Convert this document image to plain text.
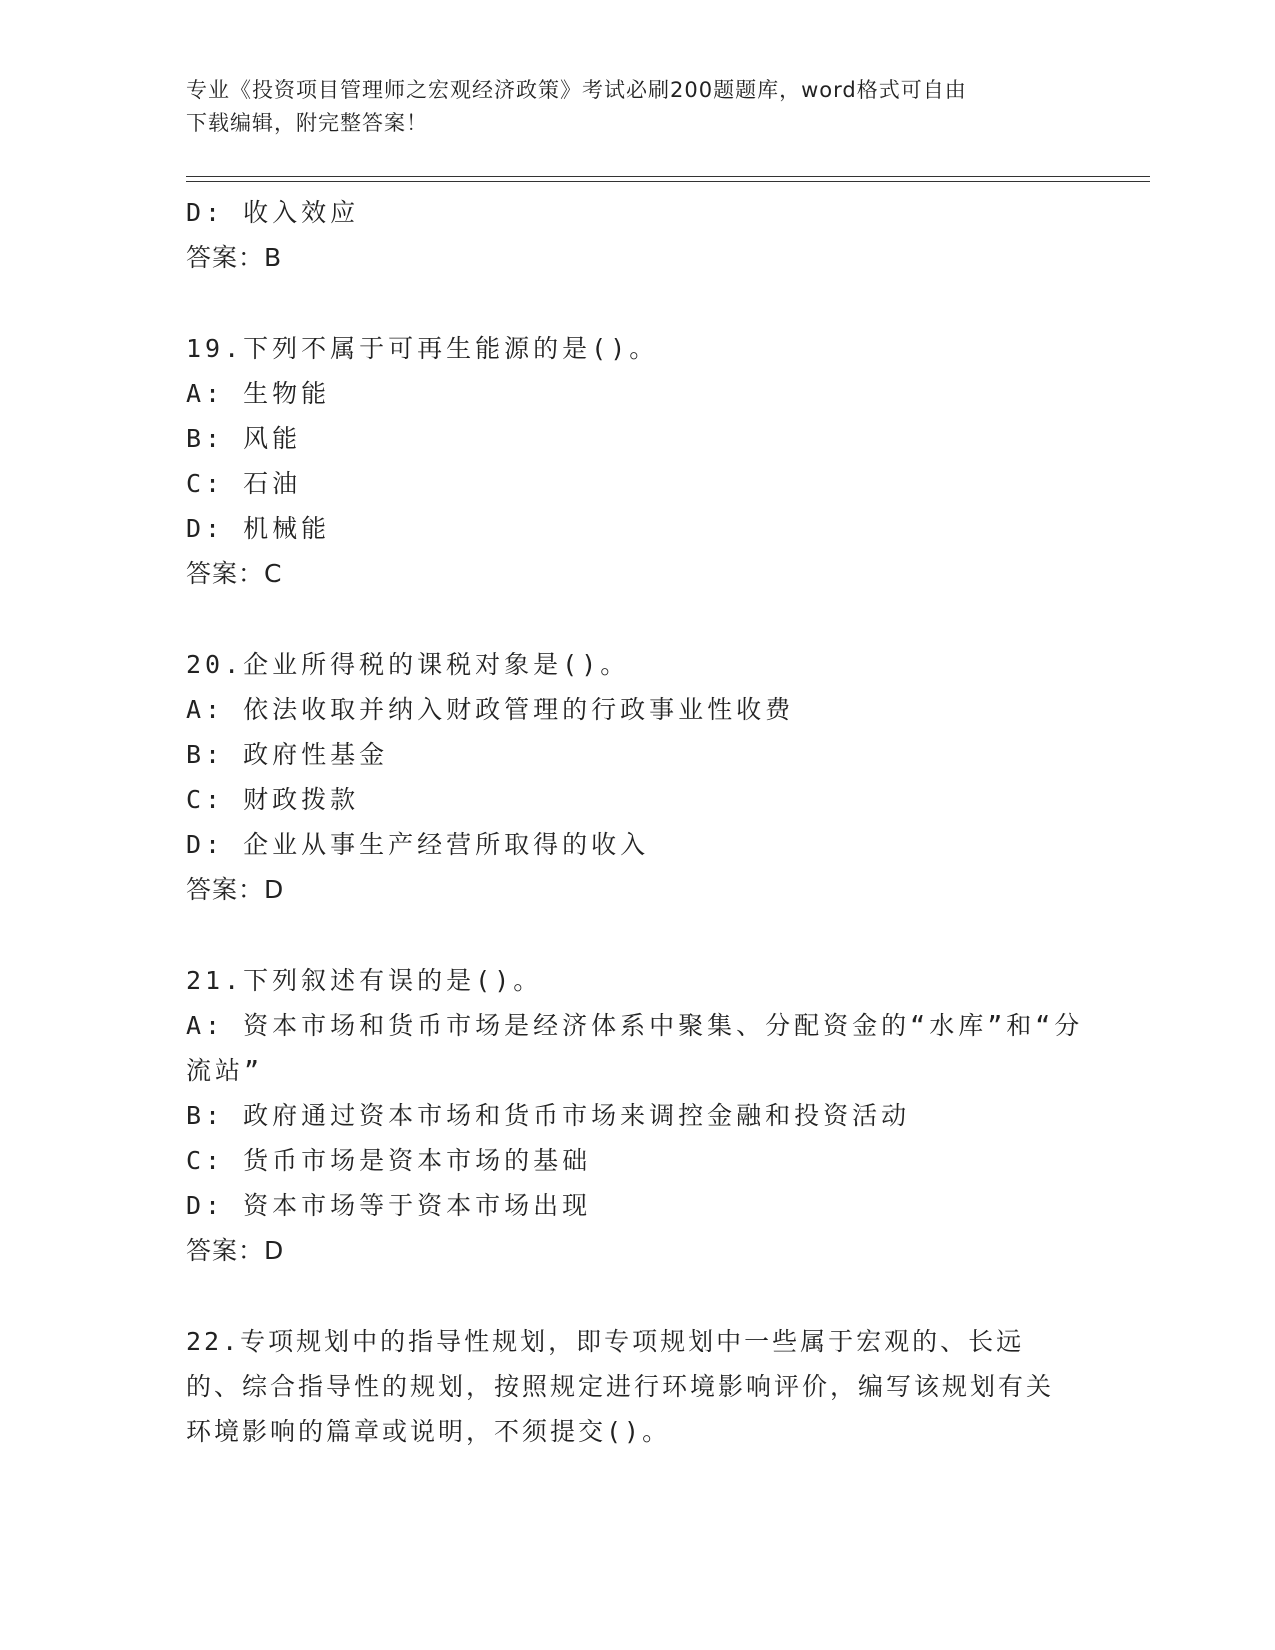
专业《投资项目管理师之宏观经济政策》考试必刷200题题库，word格式可自由
下载编辑，附完整答案！
D: 收入效应
答案：B
19.下列不属于可再生能源的是()。
A: 生物能
B: 风能
C: 石油
D: 机械能
答案：C
20.企业所得税的课税对象是()。
A: 依法收取并纳入财政管理的行政事业性收费
B: 政府性基金
C: 财政拨款
D: 企业从事生产经营所取得的收入
答案：D
21.下列叙述有误的是()。
A: 资本市场和货币市场是经济体系中聚集、分配资金的“水库”和“分流站”
B: 政府通过资本市场和货币市场来调控金融和投资活动
C: 货币市场是资本市场的基础
D: 资本市场等于资本市场出现
答案：D
22.专项规划中的指导性规划，即专项规划中一些属于宏观的、长远的、综合指导性的规划，按照规定进行环境影响评价，编写该规划有关环境影响的篇章或说明，不须提交()。
